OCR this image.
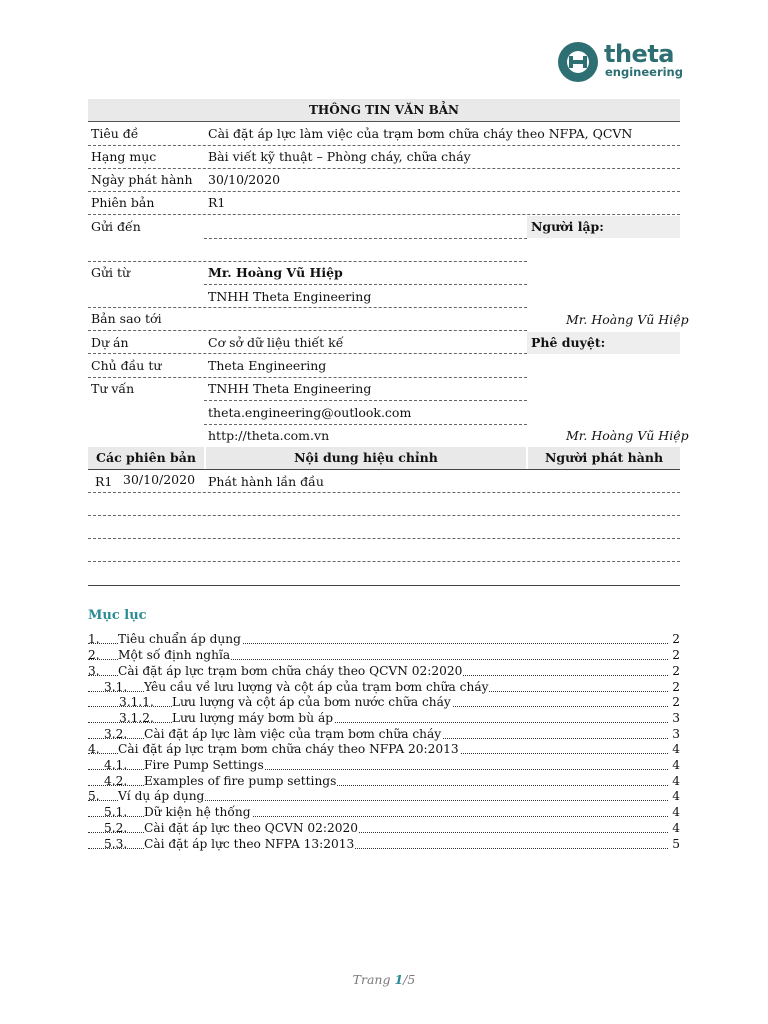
theta
engineering
THÔNG TIN VĂN BẢN
Tiêu đề	Cài đặt áp lực làm việc của trạm bơm chữa cháy theo NFPA, QCVN
Hạng mục	Bài viết kỹ thuật – Phòng cháy, chữa cháy
Ngày phát hành 30/10/2020
Phiên bản	R1
Gửi đến	Người lập:
Gửi từ	Mr. Hoàng Vũ Hiệp
TNHH Theta Engineering
Bản sao tới	Mr. Hoàng Vũ Hiệp
Dự án	Cơ sở dữ liệu thiết kế	Phê duyệt:
Chủ đầu tư	Theta Engineering
Tư vấn	TNHH Theta Engineering
theta.engineering@outlook.com
http://theta.com.vn	Mr. Hoàng Vũ Hiệp
Các phiên bản	Nội dung hiệu chỉnh	Người phát hành
R1 30/10/2020 Phát hành lần đầu
Mục lục
1. Tiêu chuẩn áp dụng	2
2. Một số định nghĩa	2
3. Cài đặt áp lực trạm bơm chữa cháy theo QCVN 02:2020	2
3.1. Yêu cầu về lưu lượng và cột áp của trạm bơm chữa cháy	2
3.1.1. Lưu lượng và cột áp của bơm nước chữa cháy	2
3.1.2. Lưu lượng máy bơm bù áp	3
3.2. Cài đặt áp lực làm việc của trạm bơm chữa cháy	3
4. Cài đặt áp lực trạm bơm chữa cháy theo NFPA 20:2013	4
4.1. Fire Pump Settings	4
4.2. Examples of fire pump settings	4
5. Ví dụ áp dụng	4
5.1. Dữ kiện hệ thống	4
5.2. Cài đặt áp lực theo QCVN 02:2020	4
5.3. Cài đặt áp lực theo NFPA 13:2013	5
Trang 1/5
